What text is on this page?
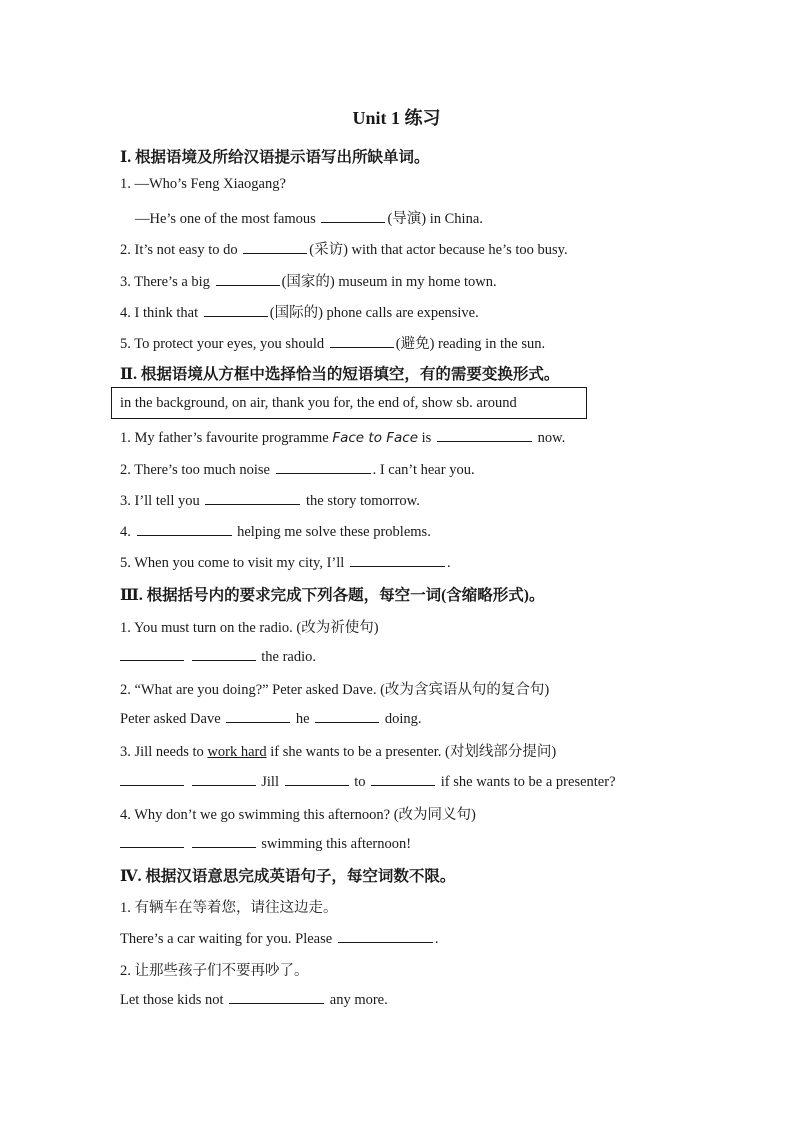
Unit 1 练习
Ⅰ. 根据语境及所给汉语提示语写出所缺单词。
1. —Who’s Feng Xiaogang?
—He’s one of the most famous	(导演) in China.
2. It’s not easy to do	(采访) with that actor because he’s too busy.
3. There’s a big	(国家的) museum in my home town.
4. I think that	(国际的) phone calls are expensive.
5. To protect your eyes, you should	(避免) reading in the sun.
Ⅱ. 根据语境从方框中选择恰当的短语填空，有的需要变换形式。
in the background, on air, thank you for, the end of, show sb. around
1. My father’s favourite programme Face to Face is	now.
2. There’s too much noise	. I can’t hear you.
3. I’ll tell you	the story tomorrow.
4.	helping me solve these problems.
5. When you come to visit my city, I’ll	.
Ⅲ. 根据括号内的要求完成下列各题，每空一词(含缩略形式)。
1. You must turn on the radio. (改为祈使句)
the radio.
2. “What are you doing?” Peter asked Dave. (改为含宾语从句的复合句)
Peter asked Dave	he	doing.
3. Jill needs to work hard if she wants to be a presenter. (对划线部分提问)
Jill	to	if she wants to be a presenter?
4. Why don’t we go swimming this afternoon? (改为同义句)
swimming this afternoon!
Ⅳ. 根据汉语意思完成英语句子，每空词数不限。
1. 有辆车在等着您，请往这边走。
There’s a car waiting for you. Please	.
2. 让那些孩子们不要再吵了。
Let those kids not	any more.
